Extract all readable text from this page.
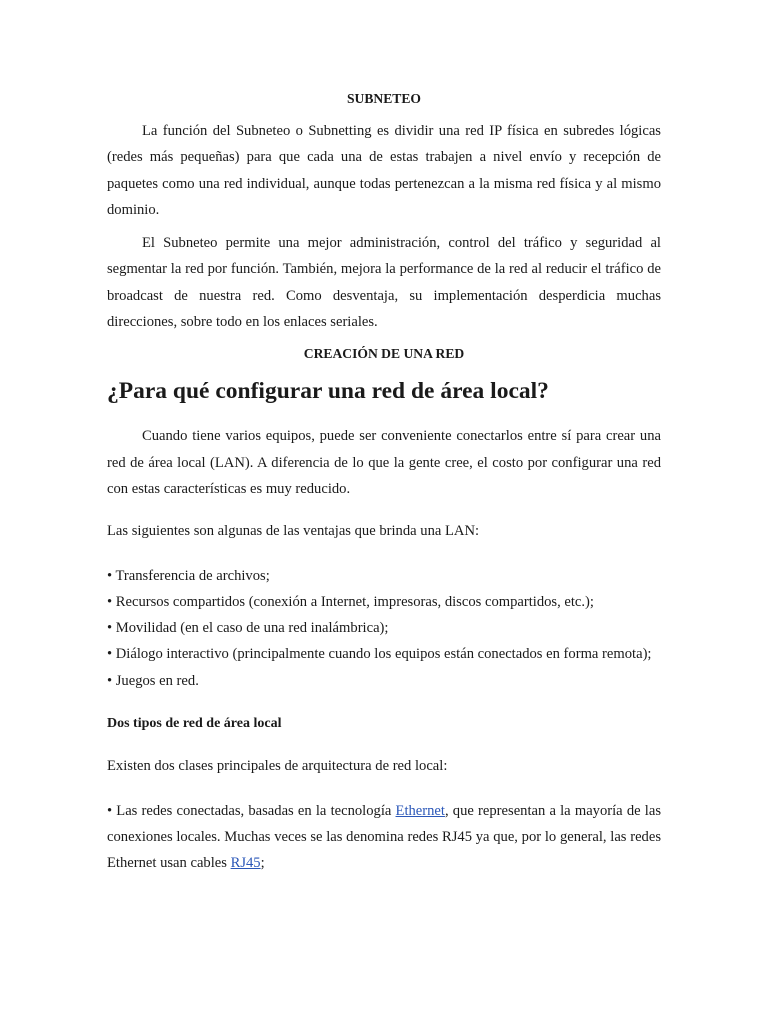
SUBNETEO

La función del Subneteo o Subnetting es dividir una red IP física en subredes lógicas (redes más pequeñas) para que cada una de estas trabajen a nivel envío y recepción de paquetes como una red individual, aunque todas pertenezcan a la misma red física y al mismo dominio.

El Subneteo permite una mejor administración, control del tráfico y seguridad al segmentar la red por función. También, mejora la performance de la red al reducir el tráfico de broadcast de nuestra red. Como desventaja, su implementación desperdicia muchas direcciones, sobre todo en los enlaces seriales.

CREACIÓN DE UNA RED

¿Para qué configurar una red de área local?

Cuando tiene varios equipos, puede ser conveniente conectarlos entre sí para crear una red de área local (LAN). A diferencia de lo que la gente cree, el costo por configurar una red con estas características es muy reducido.

Las siguientes son algunas de las ventajas que brinda una LAN:

• Transferencia de archivos;
• Recursos compartidos (conexión a Internet, impresoras, discos compartidos, etc.);
• Movilidad (en el caso de una red inalámbrica);
• Diálogo interactivo (principalmente cuando los equipos están conectados en forma remota);
• Juegos en red.

Dos tipos de red de área local

Existen dos clases principales de arquitectura de red local:

• Las redes conectadas, basadas en la tecnología Ethernet, que representan a la mayoría de las conexiones locales. Muchas veces se las denomina redes RJ45 ya que, por lo general, las redes Ethernet usan cables RJ45;
